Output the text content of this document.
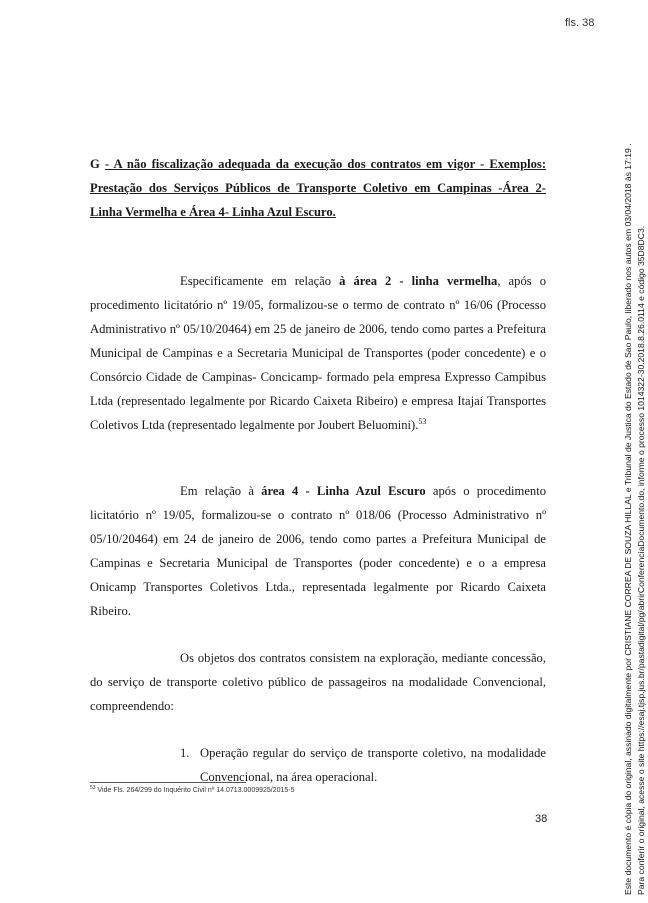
fls. 38

G - A não fiscalização adequada da execução dos contratos em vigor - Exemplos: Prestação dos Serviços Públicos de Transporte Coletivo em Campinas -Área 2- Linha Vermelha e Área 4- Linha Azul Escuro.

Especificamente em relação à área 2 - linha vermelha, após o procedimento licitatório nº 19/05, formalizou-se o termo de contrato nº 16/06 (Processo Administrativo nº 05/10/20464) em 25 de janeiro de 2006, tendo como partes a Prefeitura Municipal de Campinas e a Secretaria Municipal de Transportes (poder concedente) e o Consórcio Cidade de Campinas- Concicamp- formado pela empresa Expresso Campibus Ltda (representado legalmente por Ricardo Caixeta Ribeiro) e empresa Itajaí Transportes Coletivos Ltda (representado legalmente por Joubert Beluomini).$^{53}$

Em relação à área 4 - Linha Azul Escuro após o procedimento licitatório nº 19/05, formalizou-se o contrato nº 018/06 (Processo Administrativo nº 05/10/20464) em 24 de janeiro de 2006, tendo como partes a Prefeitura Municipal de Campinas e Secretaria Municipal de Transportes (poder concedente) e o a empresa Onicamp Transportes Coletivos Ltda., representada legalmente por Ricardo Caixeta Ribeiro.

Os objetos dos contratos consistem na exploração, mediante concessão, do serviço de transporte coletivo público de passageiros na modalidade Convencional, compreendendo:

1. Operação regular do serviço de transporte coletivo, na modalidade Convencional, na área operacional.
$^{53}$ Vide Fls. 264/299 do Inquérito Civil nº 14.0713.0009925/2015-5
38	Este documento é cópia do original, assinado digitalmente por CRISTIANE CORREA DE SOUZA HILLAL e Tribunal de Justica do Estado de Sao Paulo, liberado nos autos em 03/04/2018 às 17:19 . Para conferir o original, acesse o site https://esaj.tjsp.jus.br/pastadigital/pg/abrirConferenciaDocumento.do, informe o processo 1014322-30.2018.8.26.0114 e código 35D8DC3.
